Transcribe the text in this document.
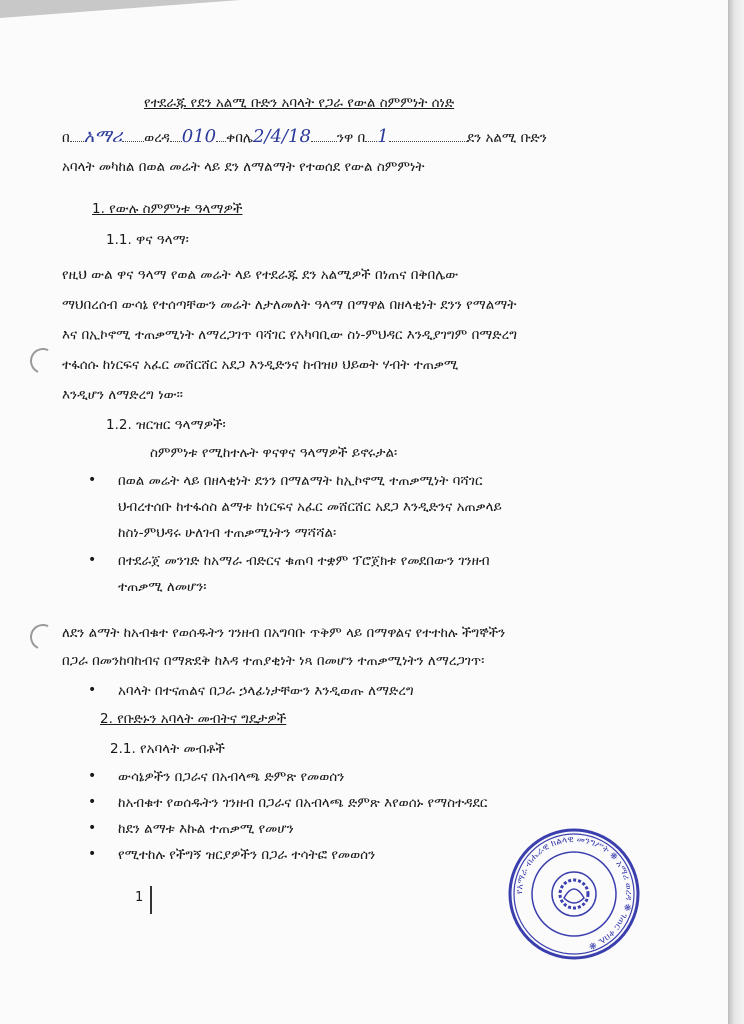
የተደራጁ የደን አልሚ ቡድን አባላት የጋራ የውል ስምምነት ሰነድ
በ አማሪ ወረዳ 010 ቀበሌ2/4/18 ንዋ በ 1	ደን አልሚ ቡድን
አባላት መካከል በወል መሬት ላይ ደን ለማልማት የተወሰደ የውል ስምምነት
1. የውሉ ስምምነቱ ዓላማዎች
1.1. ዋና ዓላማ፡
የዚህ ውል ዋና ዓላማ የወል መሬት ላይ የተደራጁ ደን አልሚዎች በነጠና በቅበሌው
ማህበረሰብ ውሳኔ የተሰጣቸውን መሬት ለታለመለት ዓላማ በማዋል በዘላቂነት ደንን የማልማት
እና በኢኮኖሚ ተጠቃሚነት ለማረጋገጥ ባሻገር የአካባቢው ስነ-ምህዳር እንዲያገግም በማድረግ
ተፋሰሱ ከነርፍና አፈር መሸርሸር አደጋ እንዲድንና ከብዝሀ ህይወት ሃብት ተጠቃሚ
እንዲሆን ለማድረግ ነው፡፡
1.2. ዝርዝር ዓላማዎች፡
ስምምነቱ የሚከተሉት ዋናዋና ዓላማዎች ይኖሩታል፡
• በወል መሬት ላይ በዘላቂነት ደንን በማልማት ከኢኮኖሚ ተጠቃሚነት ባሻገር
ህብረተሰቡ ከተፋሰስ ልማቱ ከነርፍና አፈር መሸርሸር አደጋ እንዲድንና አጠቃላይ
ከስነ-ምህዳሩ ሁለገብ ተጠቃሚነትን ማሻሻል፡
• በተደራጀ መንገድ ከአማራ ብድርና ቁጠባ ተቋም ፕሮጀክቱ የመደበውን ገንዘብ
ተጠቃሚ ለመሆን፡
ለደን ልማት ከአብቁተ የወሰዱትን ገንዘብ በአግባቡ ጥቅም ላይ በማዋልና የተተከሉ ችግኞችን
በጋራ በመንከባከብና በማጽደቅ ከእዳ ተጠያቂነት ነጻ በመሆን ተጠቃሚነትን ለማረጋገጥ፡
• አባላት በተናጠልና በጋራ ኃላፊነታቸውን እንዲወጡ ለማድረግ
2. የቡድኑን አባላት መብትና ግዴታዎች
2.1. የአባላት መብቶች
• ውሳኔዎችን በጋራና በአብላጫ ድምጽ የመወሰን
• ከአብቁተ የወሰዱትን ገንዘብ በጋራና በአብላጫ ድምጽ እየወሰኑ የማስተዳደር
• ከደን ልማቱ እኩል ተጠቃሚ የመሆን
• የሚተከሉ የችግኝ ዝርያዎችን በጋራ ተሳትፎ የመወሰን
1	የአማራ ብሔራዊ ክልላዊ መንግሥት ❋ አማሪ ወረዳ ❋ ገጠር ቀበሌ ❋
